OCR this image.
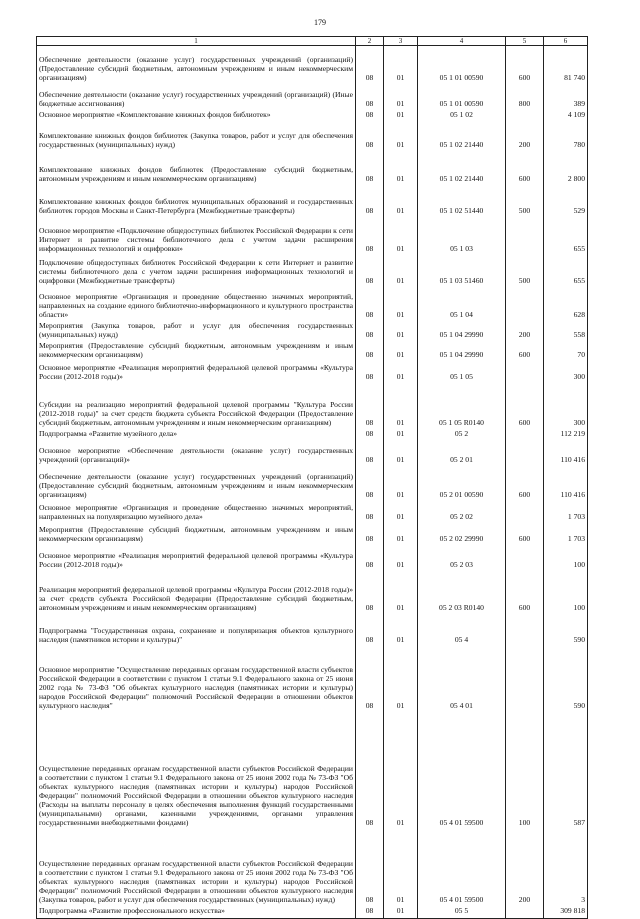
179
1	2	3	4	5	6
Обеспечение деятельности (оказание услуг) государственных учреждений (организаций) (Предоставление субсидий бюджетным, автономным учреждениям и иным некоммерческим организациям)	08	01	05 1 01 00590	600	81 740
Обеспечение деятельности (оказание услуг) государственных учреждений (организаций) (Иные бюджетные ассигнования)	08	01	05 1 01 00590	800	389
Основное мероприятие «Комплектование книжных фондов библиотек»	08	01	05 1 02		4 109
Комплектование книжных фондов библиотек (Закупка товаров, работ и услуг для обеспечения государственных (муниципальных) нужд)	08	01	05 1 02 21440	200	780
Комплектование книжных фондов библиотек (Предоставление субсидий бюджетным, автономным учреждениям и иным некоммерческим организациям)	08	01	05 1 02 21440	600	2 800
Комплектование книжных фондов библиотек муниципальных образований и государственных библиотек городов Москвы и Санкт-Петербурга (Межбюджетные трансферты)	08	01	05 1 02 51440	500	529
Основное мероприятие «Подключение общедоступных библиотек Российской Федерации к сети Интернет и развитие системы библиотечного дела с учетом задачи расширения информационных технологий и оцифровки»	08	01	05 1 03		655
Подключение общедоступных библиотек Российской Федерации к сети Интернет и развитие системы библиотечного дела с учетом задачи расширения информационных технологий и оцифровки (Межбюджетные трансферты)	08	01	05 1 03 51460	500	655
Основное мероприятие «Организация и проведение общественно значимых мероприятий, направленных на создание единого библиотечно-информационного и культурного пространства области»	08	01	05 1 04		628
Мероприятия (Закупка товаров, работ и услуг для обеспечения государственных (муниципальных) нужд)	08	01	05 1 04 29990	200	558
Мероприятия (Предоставление субсидий бюджетным, автономным учреждениям и иным некоммерческим организациям)	08	01	05 1 04 29990	600	70
Основное мероприятие «Реализация мероприятий федеральной целевой программы «Культура России (2012-2018 годы)»	08	01	05 1 05		300
Субсидии на реализацию мероприятий федеральной целевой программы "Культура России (2012-2018 годы)" за счет средств бюджета субъекта Российской Федерации (Предоставление субсидий бюджетным, автономным учреждениям и иным некоммерческим организациям)	08	01	05 1 05 R0140	600	300
Подпрограмма «Развитие музейного дела»	08	01	05 2		112 219
Основное мероприятие «Обеспечение деятельности (оказание услуг) государственных учреждений (организаций)»	08	01	05 2 01		110 416
Обеспечение деятельности (оказание услуг) государственных учреждений (организаций) (Предоставление субсидий бюджетным, автономным учреждениям и иным некоммерческим организациям)	08	01	05 2 01 00590	600	110 416
Основное мероприятие «Организация и проведение общественно значимых мероприятий, направленных на популяризацию музейного дела»	08	01	05 2 02		1 703
Мероприятия (Предоставление субсидий бюджетным, автономным учреждениям и иным некоммерческим организациям)	08	01	05 2 02 29990	600	1 703
Основное мероприятие «Реализация мероприятий федеральной целевой программы «Культура России (2012-2018 годы)»	08	01	05 2 03		100
Реализация мероприятий федеральной целевой программы «Культура России (2012-2018 годы)» за счет средств субъекта Российской Федерации (Предоставление субсидий бюджетным, автономным учреждениям и иным некоммерческим организациям)	08	01	05 2 03 R0140	600	100
Подпрограмма "Государственная охрана, сохранение и популяризация объектов культурного наследия (памятников истории и культуры)"	08	01	05 4		590
Основное мероприятие "Осуществление переданных органам государственной власти субъектов Российской Федерации в соответствии с пунктом 1 статьи 9.1 Федерального закона от 25 июня 2002 года № 73-ФЗ "Об объектах культурного наследия (памятниках истории и культуры) народов Российской Федерации" полномочий Российской Федерации в отношении объектов культурного наследия"	08	01	05 4 01		590
Осуществление переданных органам государственной власти субъектов Российской Федерации в соответствии с пунктом 1 статьи 9.1 Федерального закона от 25 июня 2002 года № 73-ФЗ "Об объектах культурного наследия (памятниках истории и культуры) народов Российской Федерации" полномочий Российской Федерации в отношении объектов культурного наследия (Расходы на выплаты персоналу в целях обеспечения выполнения функций государственными (муниципальными) органами, казенными учреждениями, органами управления государственными внебюджетными фондами)	08	01	05 4 01 59500	100	587
Осуществление переданных органам государственной власти субъектов Российской Федерации в соответствии с пунктом 1 статьи 9.1 Федерального закона от 25 июня 2002 года № 73-ФЗ "Об объектах культурного наследия (памятниках истории и культуры) народов Российской Федерации" полномочий Российской Федерации в отношении объектов культурного наследия (Закупка товаров, работ и услуг для обеспечения государственных (муниципальных) нужд)	08	01	05 4 01 59500	200	3
Подпрограмма «Развитие профессионального искусства»	08	01	05 5		309 818
